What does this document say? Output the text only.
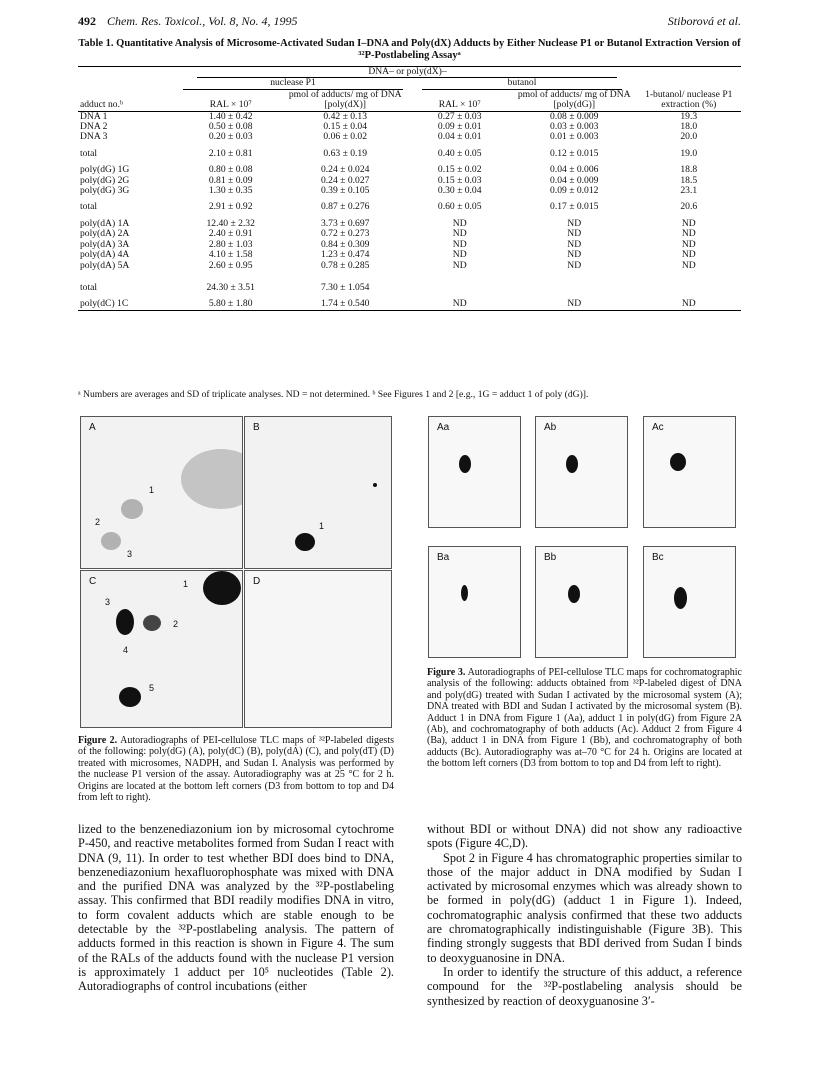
492 Chem. Res. Toxicol., Vol. 8, No. 4, 1995	Stiborová et al.
Table 1. Quantitative Analysis of Microsome-Activated Sudan I–DNA and Poly(dX) Adducts by Either Nuclease P1 or Butanol Extraction Version of ³²P-Postlabeling Assayᵃ
	DNA– or poly(dX)–				
	nuclease P1		butanol		
adduct no.ᵇ	RAL × 10⁷	pmol of adducts/ mg of DNA [poly(dX)]	RAL × 10⁷	pmol of adducts/ mg of DNA [poly(dG)]	1-butanol/ nuclease P1 extraction (%)
DNA 1	1.40 ± 0.42	0.42 ± 0.13	0.27 ± 0.03	0.08 ± 0.009	19.3
DNA 2	0.50 ± 0.08	0.15 ± 0.04	0.09 ± 0.01	0.03 ± 0.003	18.0
DNA 3	0.20 ± 0.03	0.06 ± 0.02	0.04 ± 0.01	0.01 ± 0.003	20.0

total	2.10 ± 0.81	0.63 ± 0.19	0.40 ± 0.05	0.12 ± 0.015	19.0

poly(dG) 1G	0.80 ± 0.08	0.24 ± 0.024	0.15 ± 0.02	0.04 ± 0.006	18.8
poly(dG) 2G	0.81 ± 0.09	0.24 ± 0.027	0.15 ± 0.03	0.04 ± 0.009	18.5
poly(dG) 3G	1.30 ± 0.35	0.39 ± 0.105	0.30 ± 0.04	0.09 ± 0.012	23.1

total	2.91 ± 0.92	0.87 ± 0.276	0.60 ± 0.05	0.17 ± 0.015	20.6

poly(dA) 1A	12.40 ± 2.32	3.73 ± 0.697	ND	ND	ND
poly(dA) 2A	2.40 ± 0.91	0.72 ± 0.273	ND	ND	ND
poly(dA) 3A	2.80 ± 1.03	0.84 ± 0.309	ND	ND	ND
poly(dA) 4A	4.10 ± 1.58	1.23 ± 0.474	ND	ND	ND
poly(dA) 5A	2.60 ± 0.95	0.78 ± 0.285	ND	ND	ND

total	24.30 ± 3.51	7.30 ± 1.054			

poly(dC) 1C	5.80 ± 1.80	1.74 ± 0.540	ND	ND	ND
ᵃ Numbers are averages and SD of triplicate analyses. ND = not determined. ᵇ See Figures 1 and 2 [e.g., 1G = adduct 1 of poly (dG)].
A
1
2
3
B
1
C	1
2
3
4
5
D
Figure 2. Autoradiographs of PEI-cellulose TLC maps of ³²P-labeled digests of the following: poly(dG) (A), poly(dC) (B), poly(dA) (C), and poly(dT) (D) treated with microsomes, NADPH, and Sudan I. Analysis was performed by the nuclease P1 version of the assay. Autoradiography was at 25 °C for 2 h. Origins are located at the bottom left corners (D3 from bottom to top and D4 from left to right).
Aa	Ab	Ac
Ba	Bb	Bc
Figure 3. Autoradiographs of PEI-cellulose TLC maps for cochromatographic analysis of the following: adducts obtained from ³²P-labeled digest of DNA and poly(dG) treated with Sudan I activated by the microsomal system (A); DNA treated with BDI and Sudan I activated by the microsomal system (B). Adduct 1 in DNA from Figure 1 (Aa), adduct 1 in poly(dG) from Figure 2A (Ab), and cochromatography of both adducts (Ac). Adduct 2 from Figure 4 (Ba), adduct 1 in DNA from Figure 1 (Bb), and cochromatography of both adducts (Bc). Autoradiography was at–70 °C for 24 h. Origins are located at the bottom left corners (D3 from bottom to top and D4 from left to right).

lized to the benzenediazonium ion by microsomal cytochrome P-450, and reactive metabolites formed from Sudan I react with DNA (9, 11). In order to test whether BDI does bind to DNA, benzenediazonium hexafluorophosphate was mixed with DNA and the purified DNA was analyzed by the ³²P-postlabeling assay. This confirmed that BDI readily modifies DNA in vitro, to form covalent adducts which are stable enough to be detectable by the ³²P-postlabeling analysis. The pattern of adducts formed in this reaction is shown in Figure 4. The sum of the RALs of the adducts found with the nuclease P1 version is approximately 1 adduct per 10⁵ nucleotides (Table 2). Autoradiographs of control incubations (either

without BDI or without DNA) did not show any radioactive spots (Figure 4C,D).

Spot 2 in Figure 4 has chromatographic properties similar to those of the major adduct in DNA modified by Sudan I activated by microsomal enzymes which was already shown to be formed in poly(dG) (adduct 1 in Figure 1). Indeed, cochromatographic analysis confirmed that these two adducts are chromatographically indistinguishable (Figure 3B). This finding strongly suggests that BDI derived from Sudan I binds to deoxyguanosine in DNA.

In order to identify the structure of this adduct, a reference compound for the ³²P-postlabeling analysis should be synthesized by reaction of deoxyguanosine 3′-
